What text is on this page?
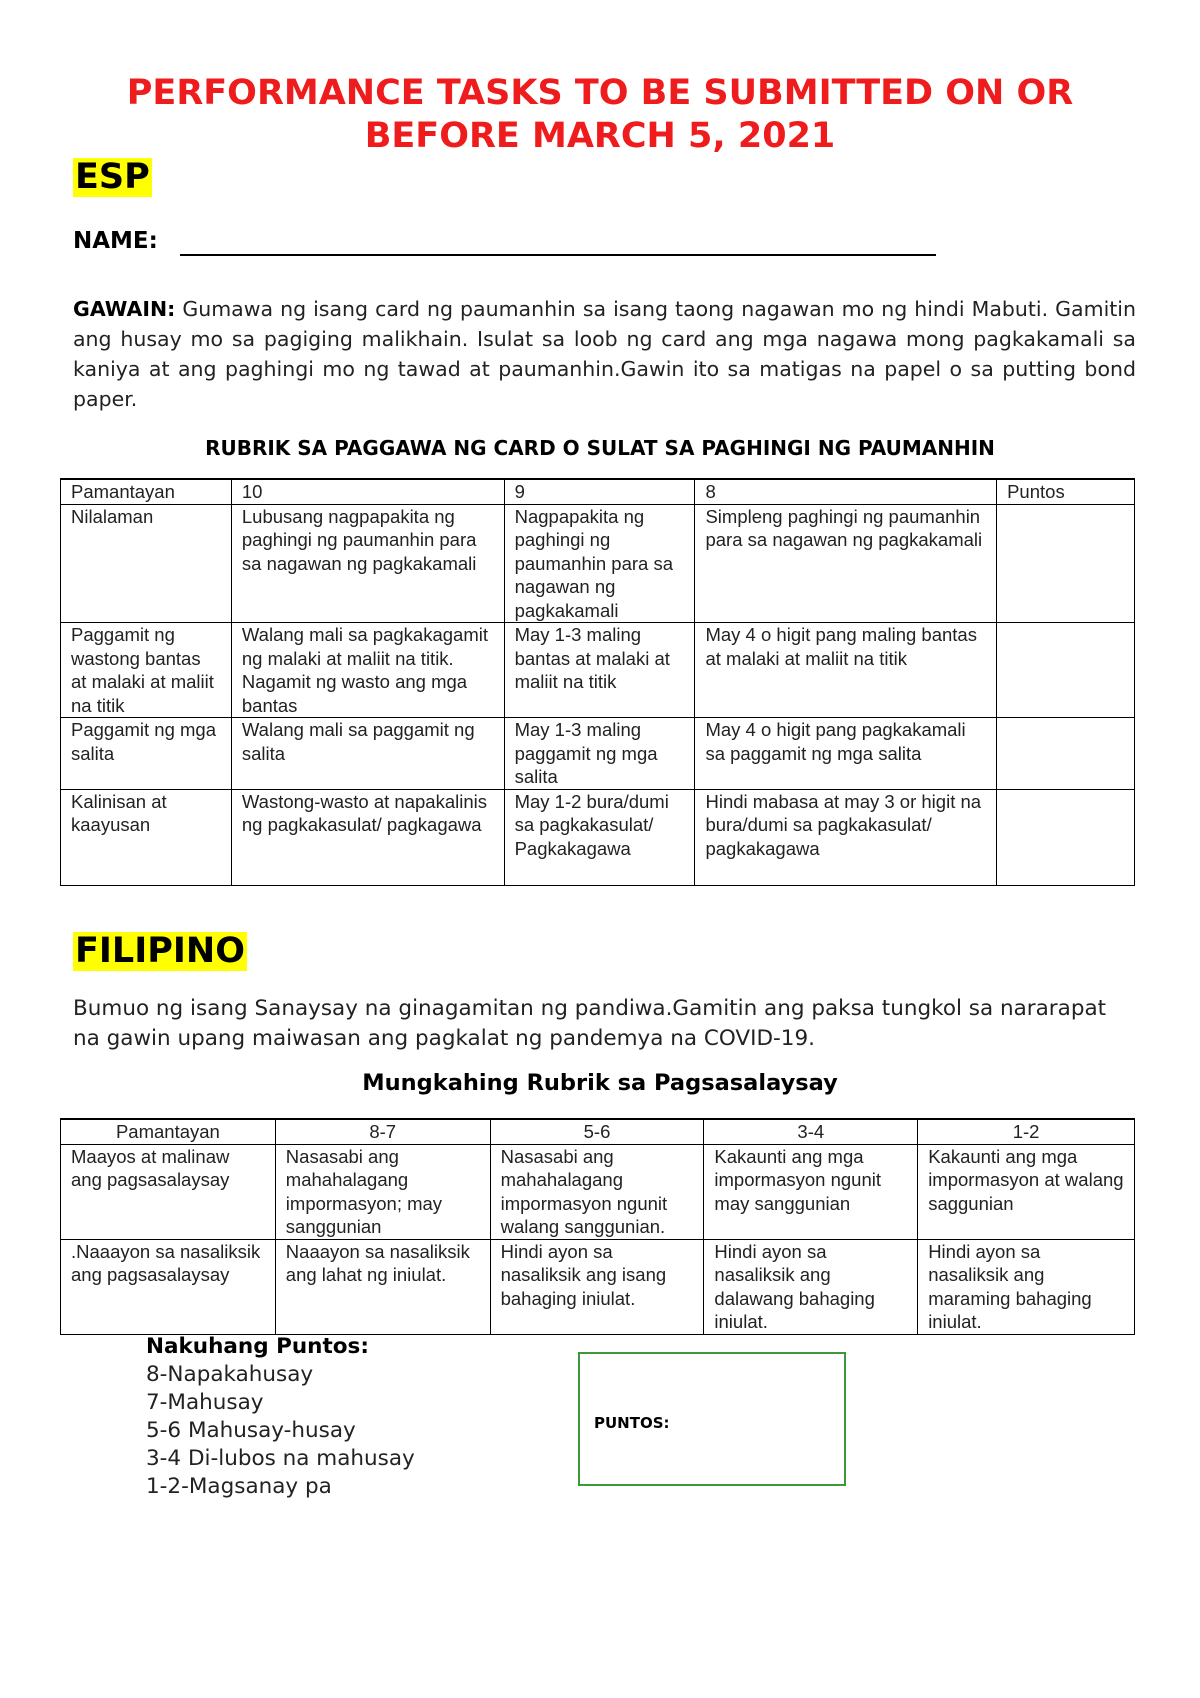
PERFORMANCE TASKS TO BE SUBMITTED ON OR
BEFORE MARCH 5, 2021
ESP
NAME:
GAWAIN: Gumawa ng isang card ng paumanhin sa isang taong nagawan mo ng hindi Mabuti. Gamitin ang husay mo sa pagiging malikhain. Isulat sa loob ng card ang mga nagawa mong pagkakamali sa kaniya at ang paghingi mo ng tawad at paumanhin.Gawin ito sa matigas na papel o sa putting bond paper.
RUBRIK SA PAGGAWA NG CARD O SULAT SA PAGHINGI NG PAUMANHIN
Pamantayan	10	9	8	Puntos
Nilalaman	Lubusang nagpapakita ng paghingi ng paumanhin para sa nagawan ng pagkakamali	Nagpapakita ng paghingi ng paumanhin para sa nagawan ng pagkakamali	Simpleng paghingi ng paumanhin para sa nagawan ng pagkakamali	
Paggamit ng wastong bantas at malaki at maliit na titik	Walang mali sa pagkakagamit ng malaki at maliit na titik. Nagamit ng wasto ang mga bantas	May 1-3 maling bantas at malaki at maliit na titik	May 4 o higit pang maling bantas at malaki at maliit na titik	
Paggamit ng mga salita	Walang mali sa paggamit ng salita	May 1-3 maling paggamit ng mga salita	May 4 o higit pang pagkakamali sa paggamit ng mga salita	
Kalinisan at kaayusan	Wastong-wasto at napakalinis ng pagkakasulat/ pagkagawa	May 1-2 bura/dumi sa pagkakasulat/ Pagkakagawa	Hindi mabasa at may 3 or higit na bura/dumi sa pagkakasulat/ pagkakagawa	
FILIPINO
Bumuo ng isang Sanaysay na ginagamitan ng pandiwa.Gamitin ang paksa tungkol sa nararapat na gawin upang maiwasan ang pagkalat ng pandemya na COVID-19.
Mungkahing Rubrik sa Pagsasalaysay
Pamantayan	8-7	5-6	3-4	1-2
Maayos at malinaw ang pagsasalaysay	Nasasabi ang mahahalagang impormasyon; may sanggunian	Nasasabi ang mahahalagang impormasyon ngunit walang sanggunian.	Kakaunti ang mga impormasyon ngunit may sanggunian	Kakaunti ang mga impormasyon at walang saggunian
.Naaayon sa nasaliksik ang pagsasalaysay	Naaayon sa nasaliksik ang lahat ng iniulat.	Hindi ayon sa nasaliksik ang isang bahaging iniulat.	Hindi ayon sa nasaliksik ang dalawang bahaging iniulat.	Hindi ayon sa nasaliksik ang maraming bahaging iniulat.
Nakuhang Puntos:
8-Napakahusay
7-Mahusay
5-6 Mahusay-husay
3-4 Di-lubos na mahusay
1-2-Magsanay pa
PUNTOS:
